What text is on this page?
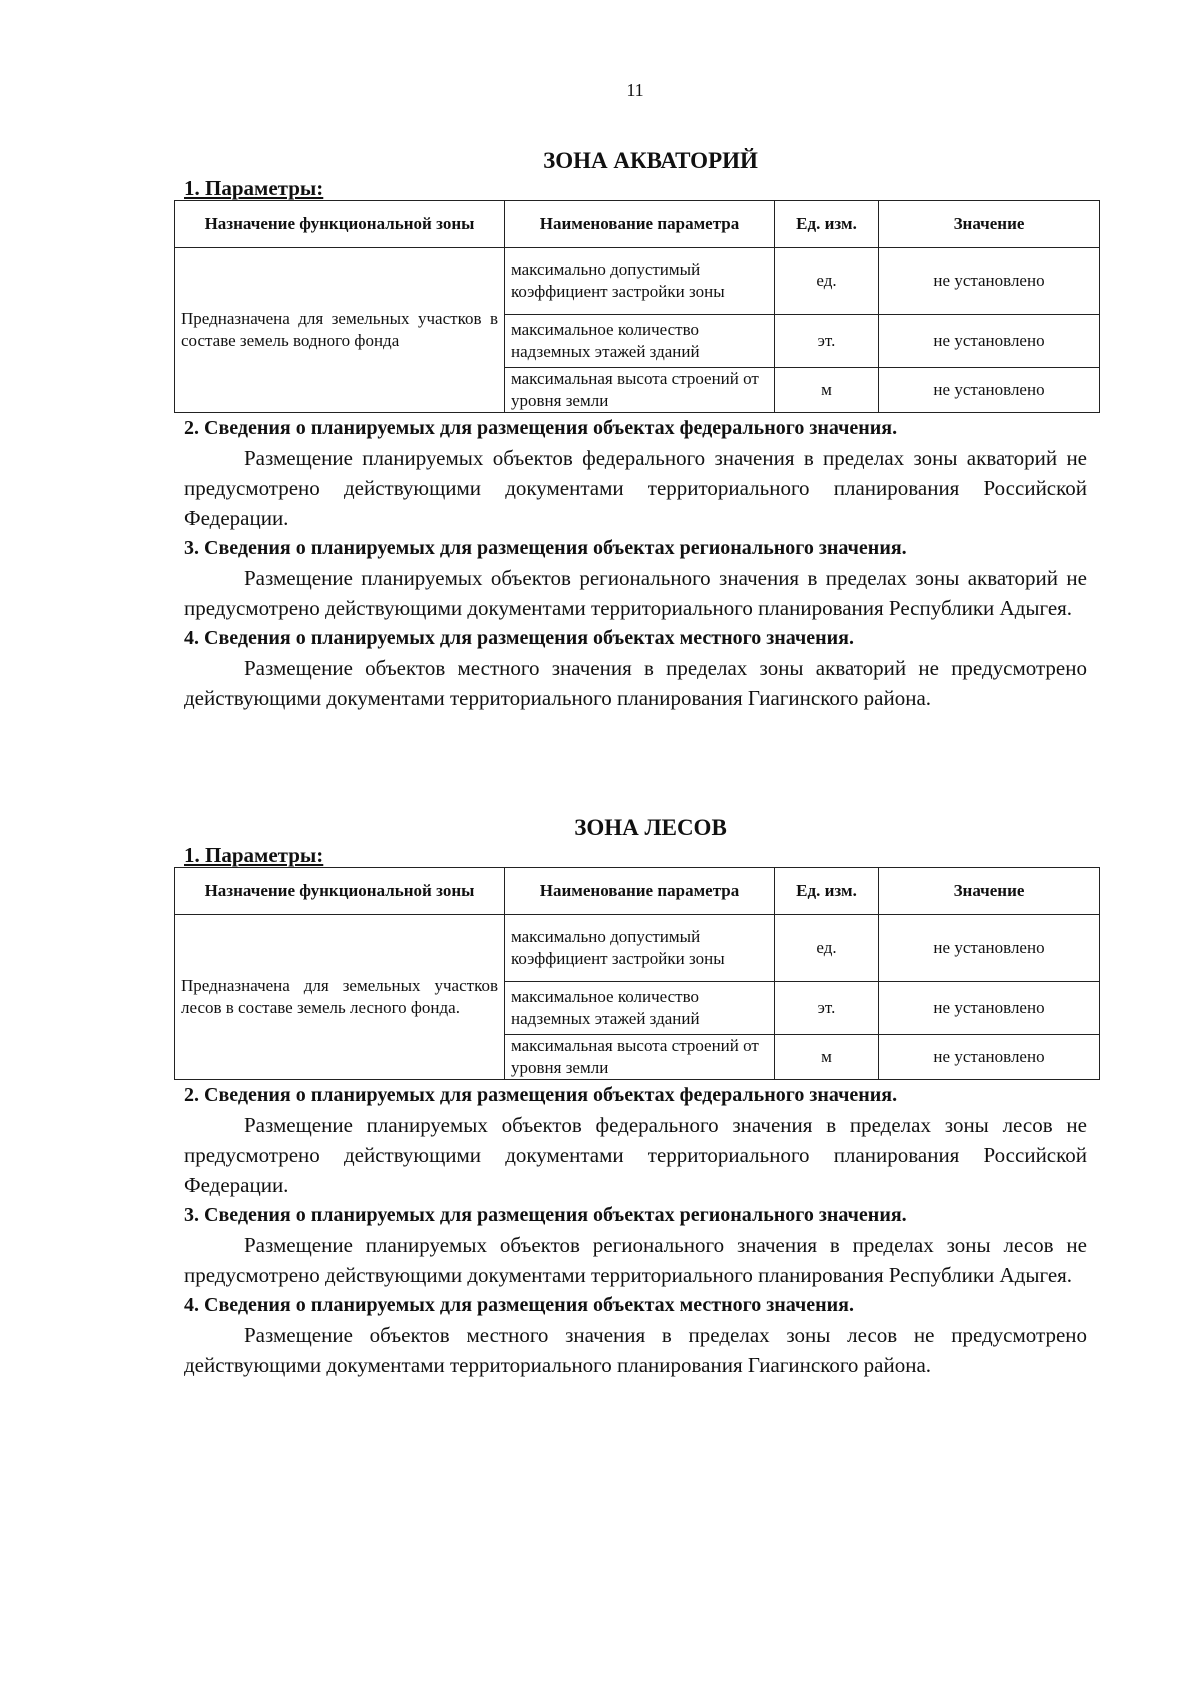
11
ЗОНА АКВАТОРИЙ
1. Параметры:
Назначение функциональной зоны	Наименование параметра	Ед. изм.	Значение
Предназначена для земельных участков в составе земель водного фонда	максимально допустимый коэффициент застройки зоны	ед.	не установлено
	максимальное количество надземных этажей зданий	эт.	не установлено
	максимальная высота строений от уровня земли	м	не установлено
2. Сведения о планируемых для размещения объектах федерального значения.
Размещение планируемых объектов федерального значения в пределах зоны акваторий не предусмотрено действующими документами территориального планирования Российской Федерации.
3. Сведения о планируемых для размещения объектах регионального значения.
Размещение планируемых объектов регионального значения в пределах зоны акваторий не предусмотрено действующими документами территориального планирования Республики Адыгея.
4. Сведения о планируемых для размещения объектах местного значения.
Размещение объектов местного значения в пределах зоны акваторий не предусмотрено действующими документами территориального планирования Гиагинского района.
ЗОНА ЛЕСОВ
1. Параметры:
Назначение функциональной зоны	Наименование параметра	Ед. изм.	Значение
Предназначена для земельных участков лесов в составе земель лесного фонда.	максимально допустимый коэффициент застройки зоны	ед.	не установлено
	максимальное количество надземных этажей зданий	эт.	не установлено
	максимальная высота строений от уровня земли	м	не установлено
2. Сведения о планируемых для размещения объектах федерального значения.
Размещение планируемых объектов федерального значения в пределах зоны лесов не предусмотрено действующими документами территориального планирования Российской Федерации.
3. Сведения о планируемых для размещения объектах регионального значения.
Размещение планируемых объектов регионального значения в пределах зоны лесов не предусмотрено действующими документами территориального планирования Республики Адыгея.
4. Сведения о планируемых для размещения объектах местного значения.
Размещение объектов местного значения в пределах зоны лесов не предусмотрено действующими документами территориального планирования Гиагинского района.
